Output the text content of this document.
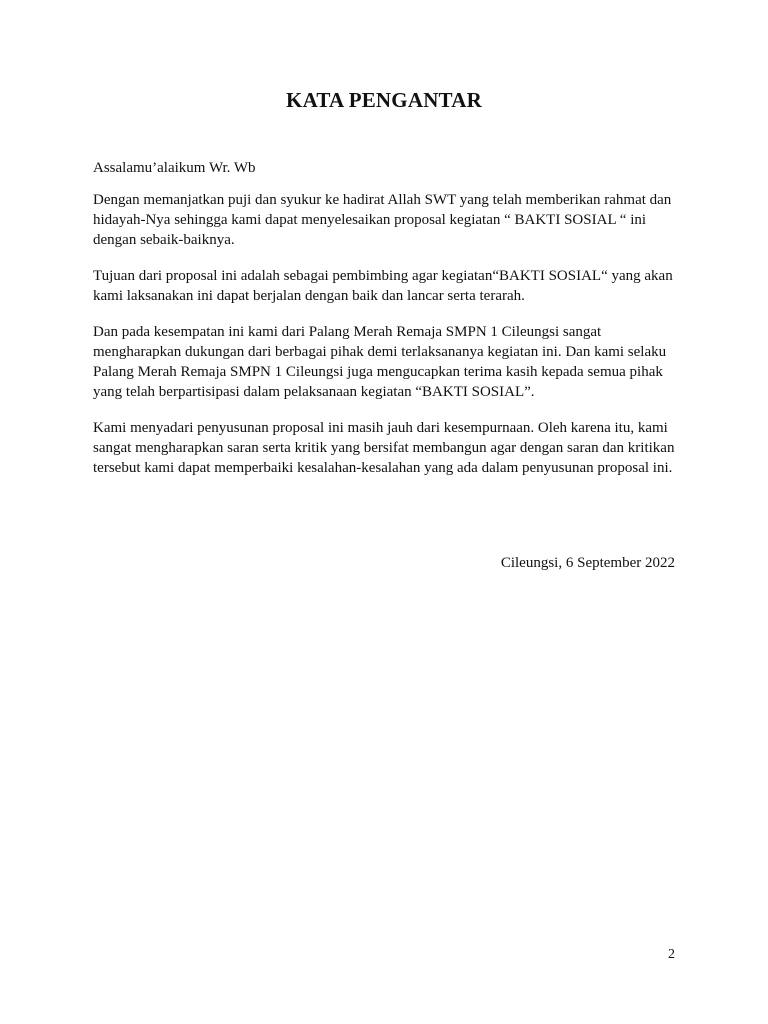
KATA PENGANTAR

Assalamu’alaikum Wr. Wb

Dengan memanjatkan puji dan syukur ke hadirat Allah SWT yang telah memberikan rahmat dan hidayah-Nya sehingga kami dapat menyelesaikan proposal kegiatan “ BAKTI SOSIAL “ ini dengan sebaik-baiknya.

Tujuan dari proposal ini adalah sebagai pembimbing agar kegiatan“BAKTI SOSIAL“ yang akan kami laksanakan ini dapat berjalan dengan baik dan lancar serta terarah.

Dan pada kesempatan ini kami dari Palang Merah Remaja SMPN 1 Cileungsi sangat mengharapkan dukungan dari berbagai pihak demi terlaksananya kegiatan ini. Dan kami selaku Palang Merah Remaja SMPN 1 Cileungsi juga mengucapkan terima kasih kepada semua pihak yang telah berpartisipasi dalam pelaksanaan kegiatan “BAKTI SOSIAL”.

Kami menyadari penyusunan proposal ini masih jauh dari kesempurnaan. Oleh karena itu, kami sangat mengharapkan saran serta kritik yang bersifat membangun agar dengan saran dan kritikan tersebut kami dapat memperbaiki kesalahan-kesalahan yang ada dalam penyusunan proposal ini.

Cileungsi, 6 September 2022
2
